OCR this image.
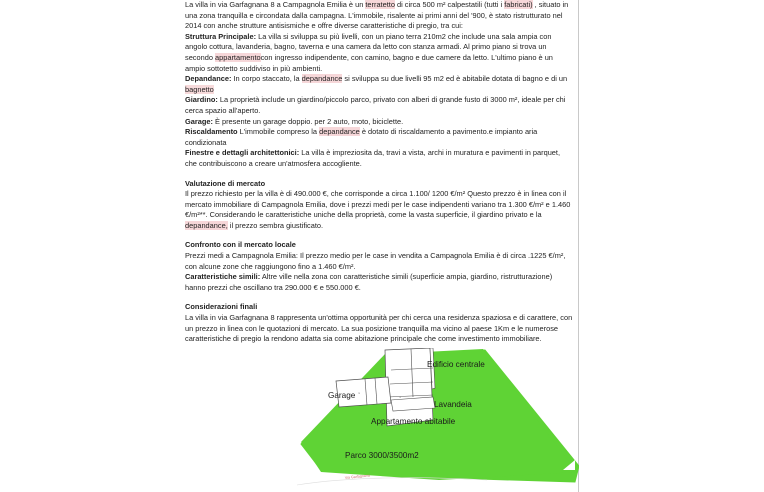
La villa in via Garfagnana 8 a Campagnola Emilia è un terratetto di circa 500 m² calpestatili (tutti i fabricati) , situato in una zona tranquilla e circondata dalla campagna. L'immobile, risalente ai primi anni del '900, è stato ristrutturato nel 2014 con anche strutture antisismiche e offre diverse caratteristiche di pregio, tra cui:

Struttura Principale: La villa si sviluppa su più livelli, con un piano terra 210m2 che include una sala ampia con angolo cottura, lavanderia, bagno, taverna e una camera da letto con stanza armadi. Al primo piano si trova un secondo appartamentocon ingresso indipendente, con camino, bagno e due camere da letto. L'ultimo piano è un ampio sottotetto suddiviso in più ambienti.

Depandance: In corpo staccato, la depandance si sviluppa su due livelli 95 m2 ed è abitabile dotata di bagno e di un bagnetto

Giardino: La proprietà include un giardino/piccolo parco, privato con alberi di grande fusto di 3000 m², ideale per chi cerca spazio all'aperto.

Garage: È presente un garage doppio. per 2 auto, moto, biciclette.

Riscaldamento L'immobile compreso la depandance è dotato di riscaldamento a pavimento.e impianto aria condizionata

Finestre e dettagli architettonici: La villa è impreziosita da, travi a vista, archi in muratura e pavimenti in parquet, che contribuiscono a creare un'atmosfera accogliente.

Valutazione di mercato

Il prezzo richiesto per la villa è di 490.000 €, che corrisponde a circa 1.100/ 1200 €/m² Questo prezzo è in linea con il mercato immobiliare di Campagnola Emilia, dove i prezzi medi per le case indipendenti variano tra 1.300 €/m² e 1.460 €/m²**. Considerando le caratteristiche uniche della proprietà, come la vasta superficie, il giardino privato e la depandance, il prezzo sembra giustificato.

Confronto con il mercato locale

Prezzi medi a Campagnola Emilia: Il prezzo medio per le case in vendita a Campagnola Emilia è di circa .1225 €/m², con alcune zone che raggiungono fino a 1.460 €/m².

Caratteristiche simili: Altre ville nella zona con caratteristiche simili (superficie ampia, giardino, ristrutturazione) hanno prezzi che oscillano tra 290.000 € e 550.000 €.

Considerazioni finali

La villa in via Garfagnana 8 rappresenta un'ottima opportunità per chi cerca una residenza spaziosa e di carattere, con un prezzo in linea con le quotazioni di mercato. La sua posizione tranquilla ma vicino al paese 1Km e le numerose caratteristiche di pregio la rendono adatta sia come abitazione principale che come investimento immobiliare.

Edificio centrale
Lavandeia
Garage
Appartamento abitabile
Parco 3000/3500m2
m
m
Via Garfagnana
